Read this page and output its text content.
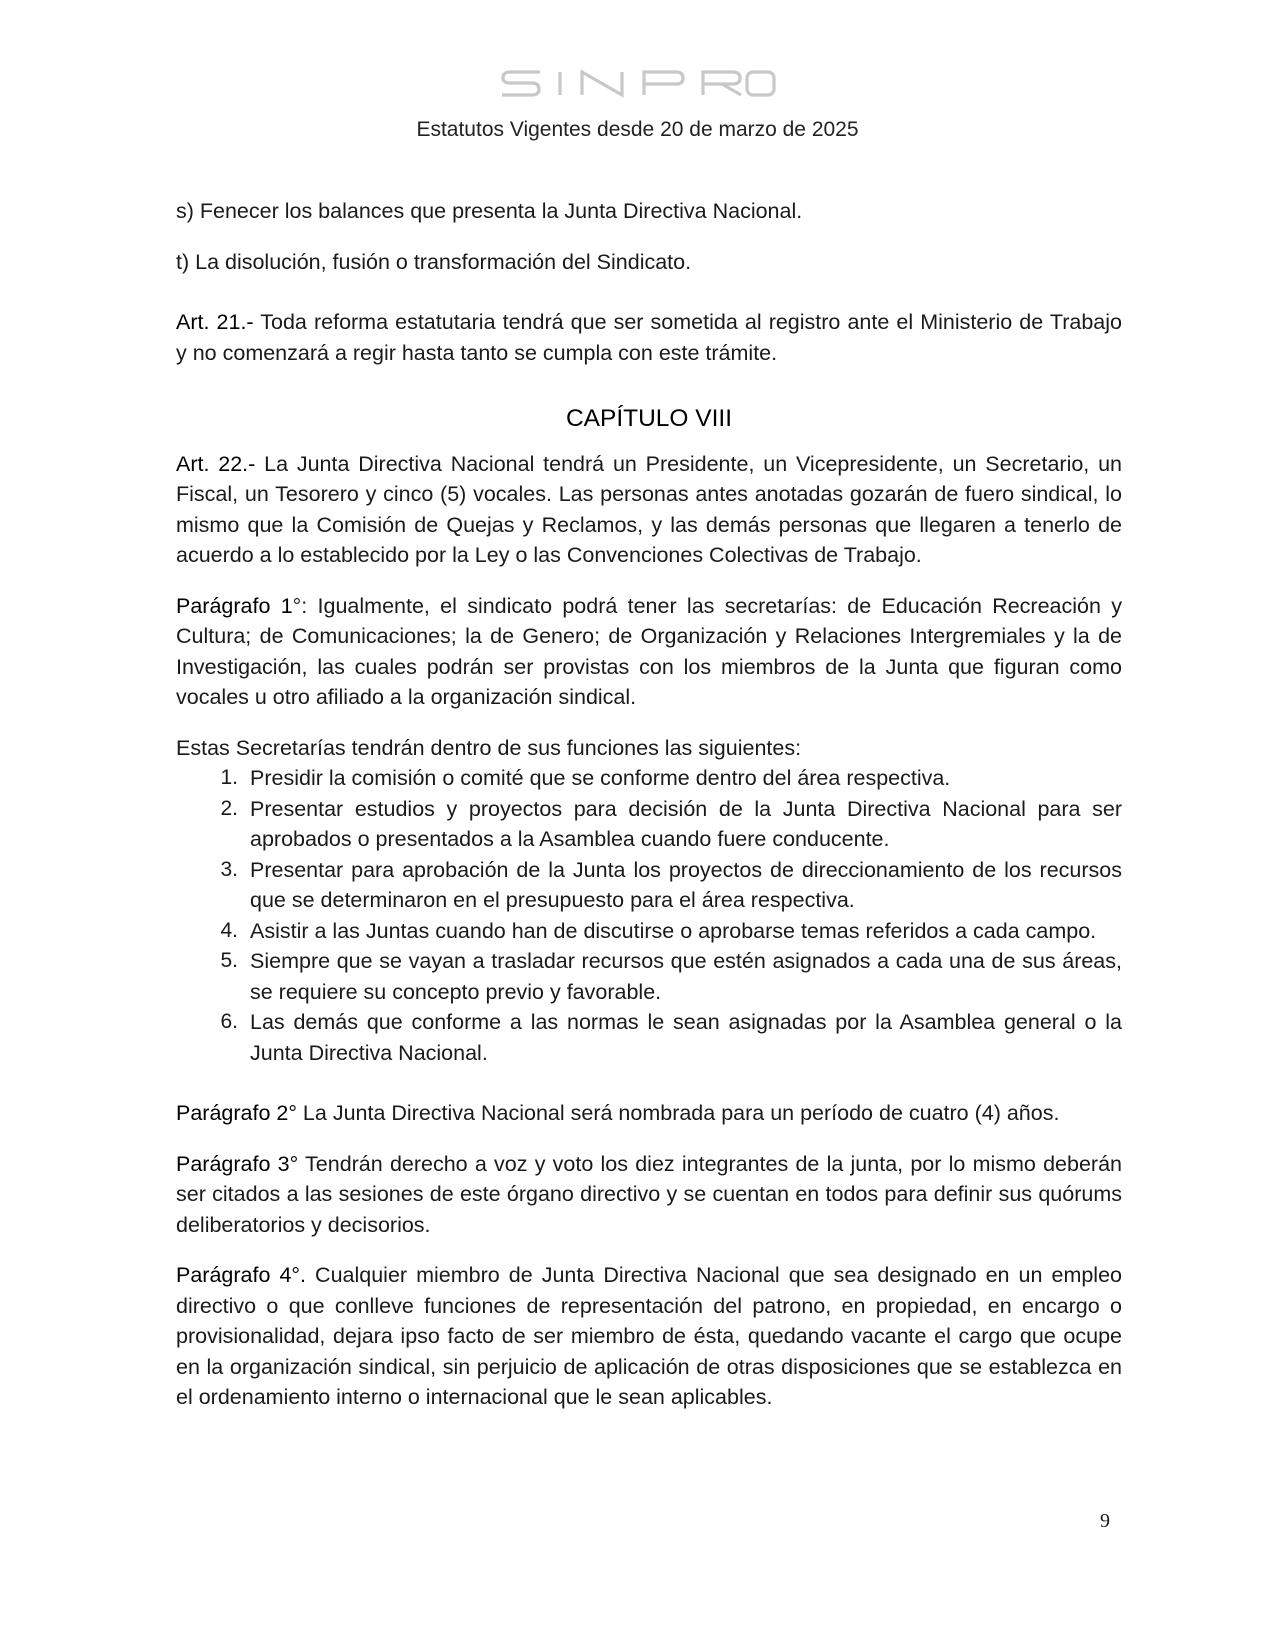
Estatutos Vigentes desde 20 de marzo de 2025

s) Fenecer los balances que presenta la Junta Directiva Nacional.

t) La disolución, fusión o transformación del Sindicato.

Art. 21.- Toda reforma estatutaria tendrá que ser sometida al registro ante el Ministerio de Trabajo y no comenzará a regir hasta tanto se cumpla con este trámite.

CAPÍTULO VIII

Art. 22.- La Junta Directiva Nacional tendrá un Presidente, un Vicepresidente, un Secretario, un Fiscal, un Tesorero y cinco (5) vocales. Las personas antes anotadas gozarán de fuero sindical, lo mismo que la Comisión de Quejas y Reclamos, y las demás personas que llegaren a tenerlo de acuerdo a lo establecido por la Ley o las Convenciones Colectivas de Trabajo.

Parágrafo 1°: Igualmente, el sindicato podrá tener las secretarías: de Educación Recreación y Cultura; de Comunicaciones; la de Genero; de Organización y Relaciones Intergremiales y la de Investigación, las cuales podrán ser provistas con los miembros de la Junta que figuran como vocales u otro afiliado a la organización sindical.

Estas Secretarías tendrán dentro de sus funciones las siguientes:

1. Presidir la comisión o comité que se conforme dentro del área respectiva.
2. Presentar estudios y proyectos para decisión de la Junta Directiva Nacional para ser aprobados o presentados a la Asamblea cuando fuere conducente.
3. Presentar para aprobación de la Junta los proyectos de direccionamiento de los recursos que se determinaron en el presupuesto para el área respectiva.
4. Asistir a las Juntas cuando han de discutirse o aprobarse temas referidos a cada campo.
5. Siempre que se vayan a trasladar recursos que estén asignados a cada una de sus áreas, se requiere su concepto previo y favorable.
6. Las demás que conforme a las normas le sean asignadas por la Asamblea general o la Junta Directiva Nacional.

Parágrafo 2° La Junta Directiva Nacional será nombrada para un período de cuatro (4) años.

Parágrafo 3° Tendrán derecho a voz y voto los diez integrantes de la junta, por lo mismo deberán ser citados a las sesiones de este órgano directivo y se cuentan en todos para definir sus quórums deliberatorios y decisorios.

Parágrafo 4°. Cualquier miembro de Junta Directiva Nacional que sea designado en un empleo directivo o que conlleve funciones de representación del patrono, en propiedad, en encargo o provisionalidad, dejara ipso facto de ser miembro de ésta, quedando vacante el cargo que ocupe en la organización sindical, sin perjuicio de aplicación de otras disposiciones que se establezca en el ordenamiento interno o internacional que le sean aplicables.

9
